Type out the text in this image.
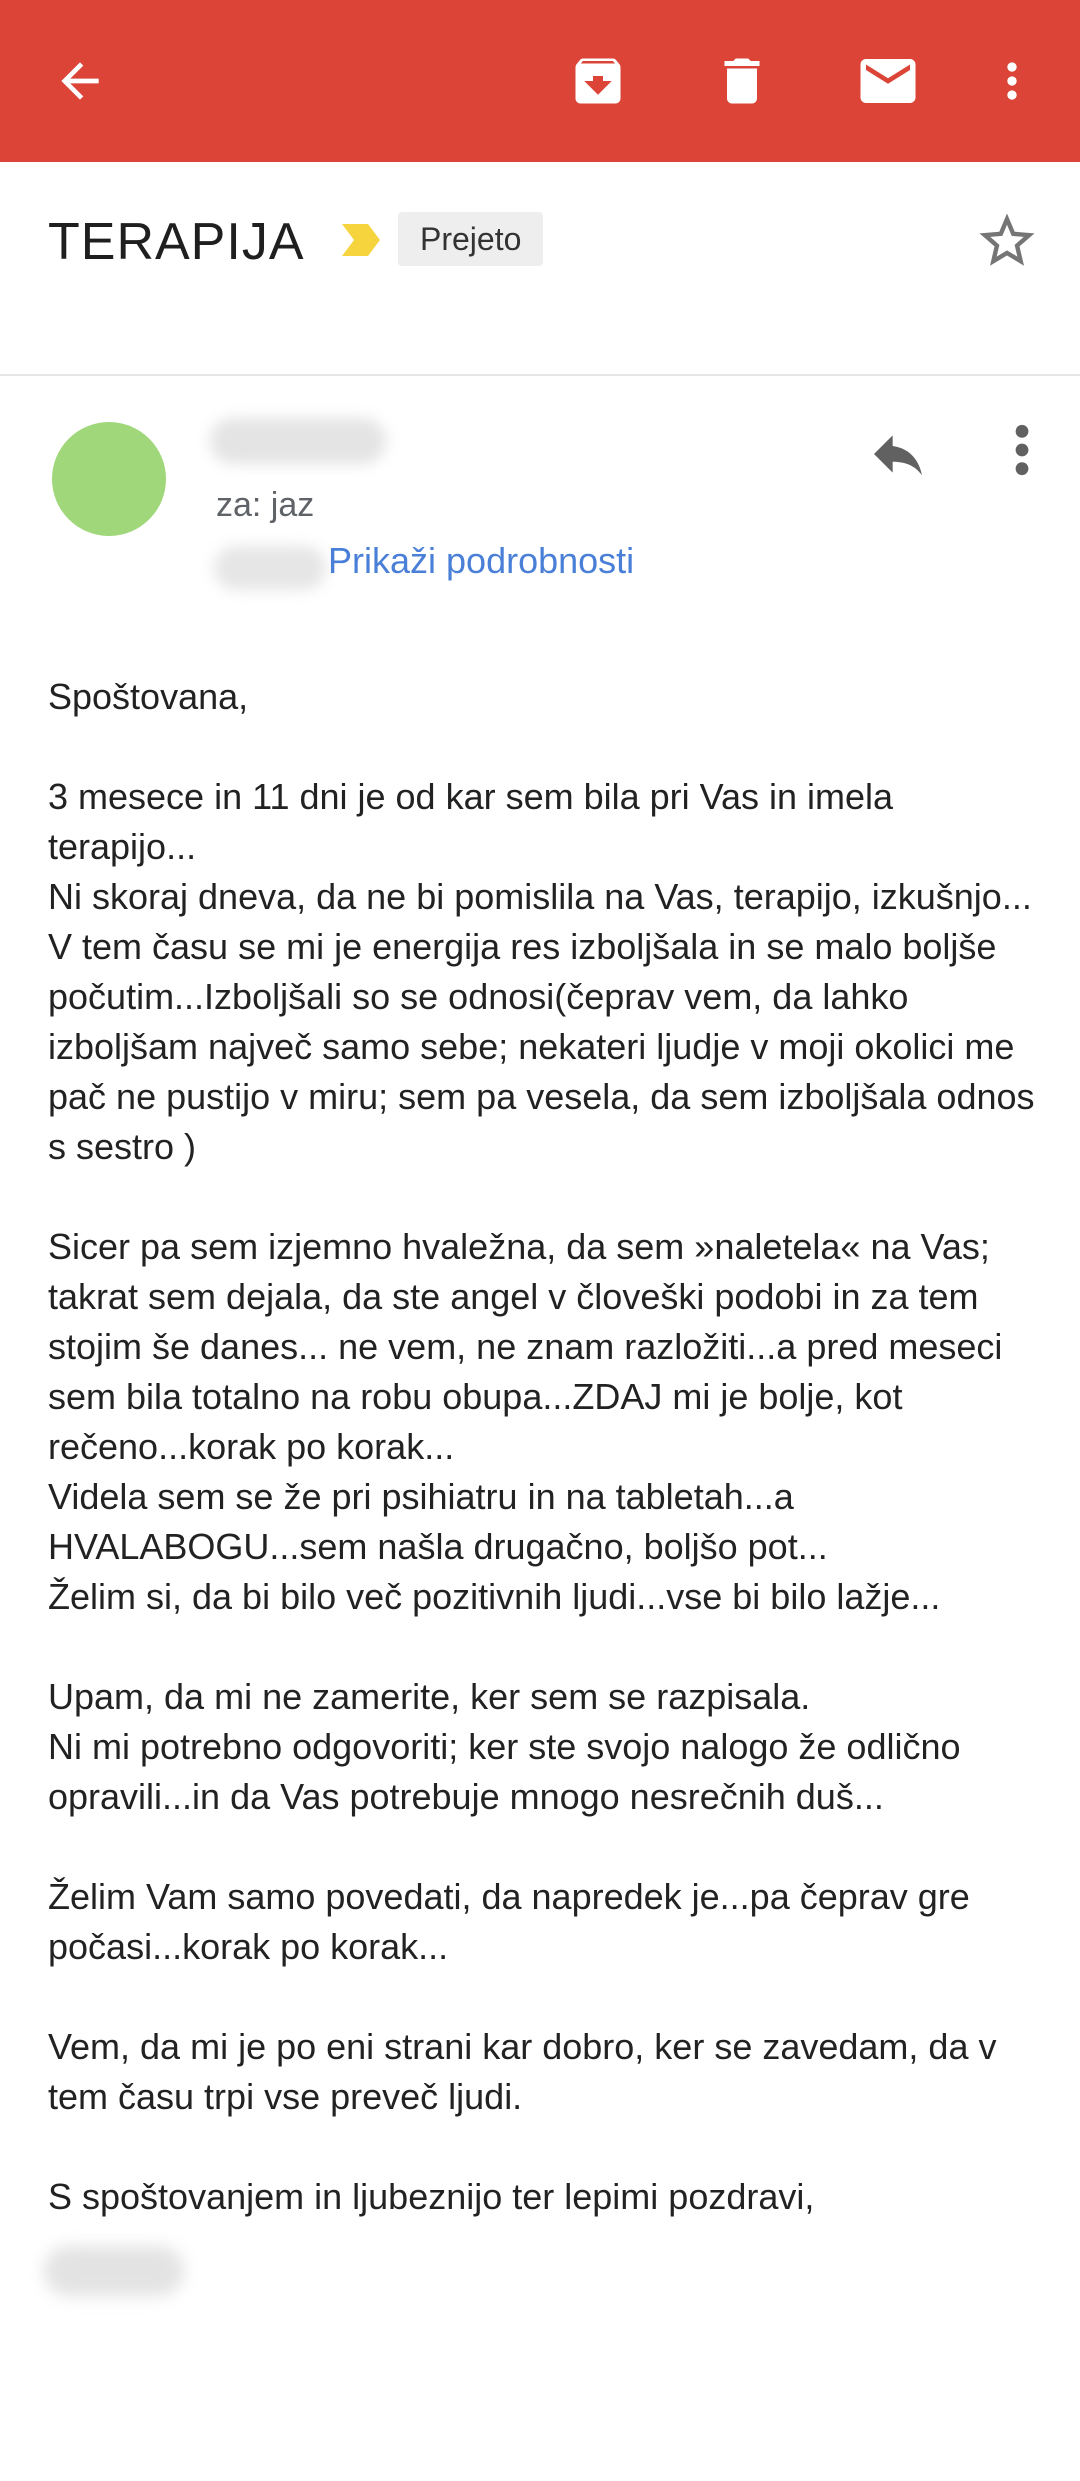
TERAPIJA	Prejeto
za: jaz
Prikaži podrobnosti

Spoštovana,

3 mesece in 11 dni je od kar sem bila pri Vas in imela terapijo...
Ni skoraj dneva, da ne bi pomislila na Vas, terapijo, izkušnjo...
V tem času se mi je energija res izboljšala in se malo boljše počutim...Izboljšali so se odnosi(čeprav vem, da lahko izboljšam največ samo sebe; nekateri ljudje v moji okolici me pač ne pustijo v miru; sem pa vesela, da sem izboljšala odnos s sestro )

Sicer pa sem izjemno hvaležna, da sem »naletela« na Vas; takrat sem dejala, da ste angel v človeški podobi in za tem stojim še danes... ne vem, ne znam razložiti...a pred meseci sem bila totalno na robu obupa...ZDAJ mi je bolje, kot rečeno...korak po korak...
Videla sem se že pri psihiatru in na tabletah...a HVALABOGU...sem našla drugačno, boljšo pot...
Želim si, da bi bilo več pozitivnih ljudi...vse bi bilo lažje...

Upam, da mi ne zamerite, ker sem se razpisala.
Ni mi potrebno odgovoriti; ker ste svojo nalogo že odlično opravili...in da Vas potrebuje mnogo nesrečnih duš...

Želim Vam samo povedati, da napredek je...pa čeprav gre počasi...korak po korak...

Vem, da mi je po eni strani kar dobro, ker se zavedam, da v tem času trpi vse preveč ljudi.

S spoštovanjem in ljubeznijo ter lepimi pozdravi,
